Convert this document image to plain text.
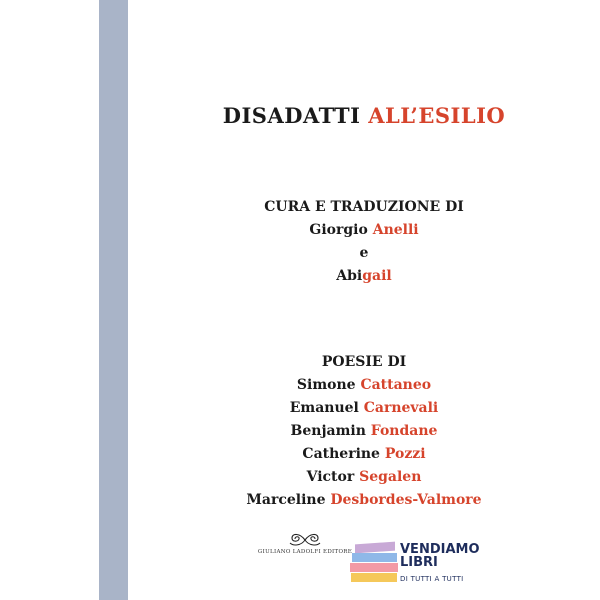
DISADATTI ALL’ESILIO
CURA E TRADUZIONE DI
Giorgio Anelli
e
Abigail
POESIE DI
Simone Cattaneo
Emanuel Carnevali
Benjamin Fondane
Catherine Pozzi
Victor Segalen
Marceline Desbordes-Valmore
GIULIANO LADOLFI EDITORE	VENDIAMO
LIBRI
DI TUTTI A TUTTI
